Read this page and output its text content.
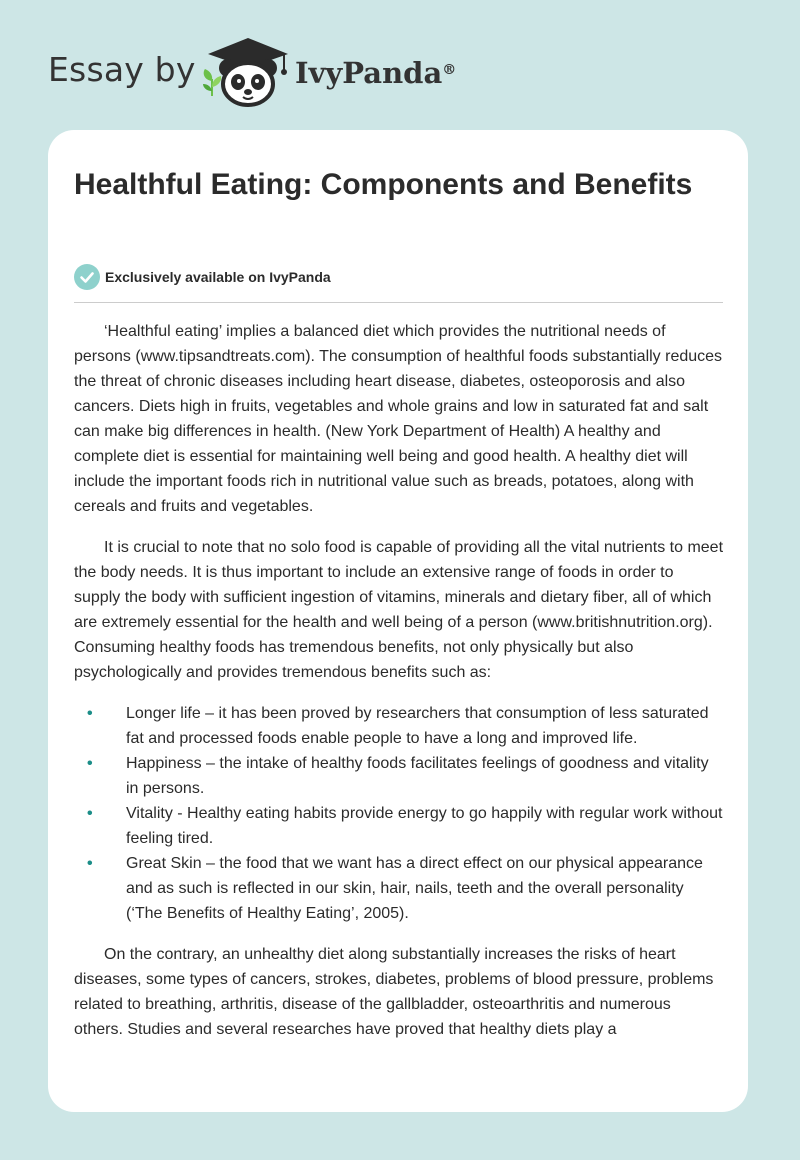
Essay by	IvyPanda®
Healthful Eating: Components and Benefits
Exclusively available on IvyPanda

‘Healthful eating’ implies a balanced diet which provides the nutritional needs of persons (www.tipsandtreats.com). The consumption of healthful foods substantially reduces the threat of chronic diseases including heart disease, diabetes, osteoporosis and also cancers. Diets high in fruits, vegetables and whole grains and low in saturated fat and salt can make big differences in health. (New York Department of Health) A healthy and complete diet is essential for maintaining well being and good health. A healthy diet will include the important foods rich in nutritional value such as breads, potatoes, along with cereals and fruits and vegetables.

It is crucial to note that no solo food is capable of providing all the vital nutrients to meet the body needs. It is thus important to include an extensive range of foods in order to supply the body with sufficient ingestion of vitamins, minerals and dietary fiber, all of which are extremely essential for the health and well being of a person (www.britishnutrition.org). Consuming healthy foods has tremendous benefits, not only physically but also psychologically and provides tremendous benefits such as:

• Longer life – it has been proved by researchers that consumption of less saturated fat and processed foods enable people to have a long and improved life.
• Happiness – the intake of healthy foods facilitates feelings of goodness and vitality in persons.
• Vitality - Healthy eating habits provide energy to go happily with regular work without feeling tired.
• Great Skin – the food that we want has a direct effect on our physical appearance and as such is reflected in our skin, hair, nails, teeth and the overall personality (‘The Benefits of Healthy Eating’, 2005).

On the contrary, an unhealthy diet along substantially increases the risks of heart diseases, some types of cancers, strokes, diabetes, problems of blood pressure, problems related to breathing, arthritis, disease of the gallbladder, osteoarthritis and numerous others. Studies and several researches have proved that healthy diets play a
